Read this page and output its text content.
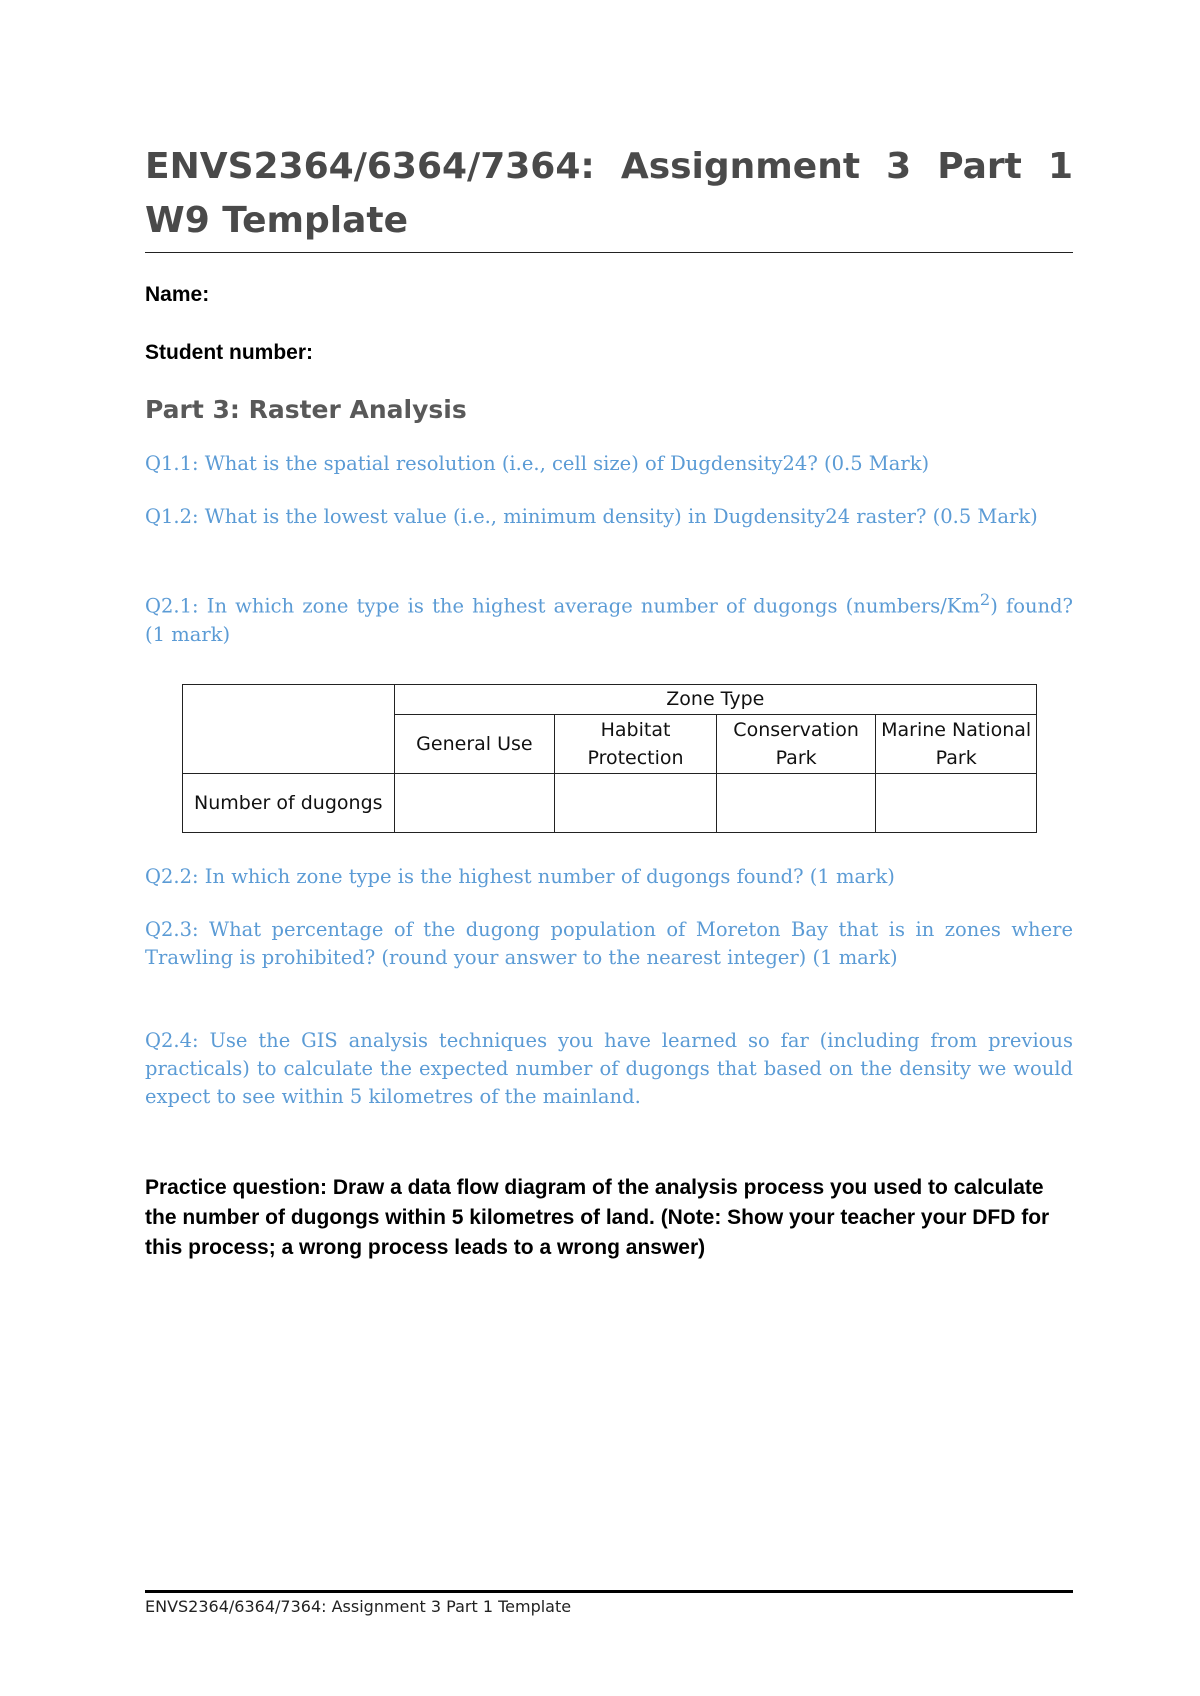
ENVS2364/6364/7364: Assignment 3 Part 1 W9 Template

Name:

Student number:

Part 3: Raster Analysis

Q1.1: What is the spatial resolution (i.e., cell size) of Dugdensity24? (0.5 Mark)

Q1.2: What is the lowest value (i.e., minimum density) in Dugdensity24 raster? (0.5 Mark)

Q2.1: In which zone type is the highest average number of dugongs (numbers/Km$^2$) found? (1 mark)

	Zone Type			
	General Use	Habitat Protection	Conservation Park	Marine National Park
Number of dugongs				

Q2.2: In which zone type is the highest number of dugongs found? (1 mark)

Q2.3: What percentage of the dugong population of Moreton Bay that is in zones where Trawling is prohibited? (round your answer to the nearest integer) (1 mark)

Q2.4: Use the GIS analysis techniques you have learned so far (including from previous practicals) to calculate the expected number of dugongs that based on the density we would expect to see within 5 kilometres of the mainland.

Practice question: Draw a data flow diagram of the analysis process you used to calculate the number of dugongs within 5 kilometres of land. (Note: Show your teacher your DFD for this process; a wrong process leads to a wrong answer)

ENVS2364/6364/7364: Assignment 3 Part 1 Template
